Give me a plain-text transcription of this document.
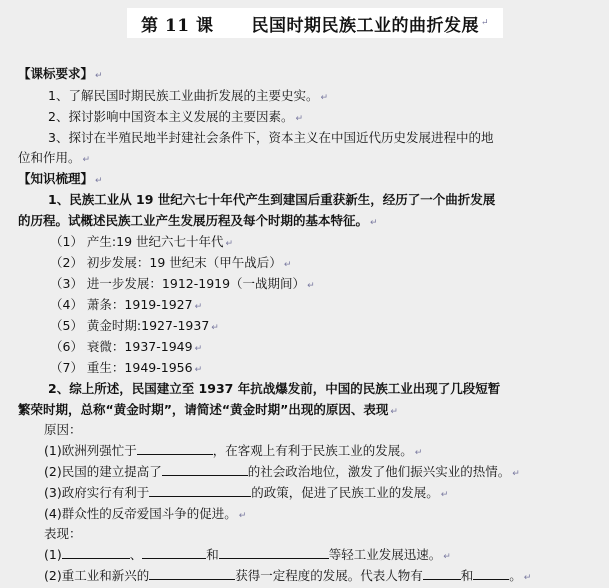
第 11 课 民国时期民族工业的曲折发展 ↵
【课标要求】 ↵
1、了解民国时期民族工业曲折发展的主要史实。 ↵
2、探讨影响中国资本主义发展的主要因素。 ↵
3、探讨在半殖民地半封建社会条件下，资本主义在中国近代历史发展进程中的地
位和作用。 ↵
【知识梳理】 ↵
1、民族工业从 19 世纪六七十年代产生到建国后重获新生，经历了一个曲折发展
的历程。试概述民族工业产生发展历程及每个时期的基本特征。 ↵
（1） 产生:19 世纪六七十年代 ↵
（2） 初步发展：19 世纪末（甲午战后） ↵
（3） 进一步发展：1912-1919（一战期间） ↵
（4） 萧条：1919-1927 ↵
（5） 黄金时期:1927-1937 ↵
（6） 衰微：1937-1949 ↵
（7） 重生：1949-1956 ↵
2、综上所述，民国建立至 1937 年抗战爆发前，中国的民族工业出现了几段短暂
繁荣时期，总称“黄金时期”，请简述“黄金时期”出现的原因、表现 ↵
原因：
(1)欧洲列强忙于	，在客观上有利于民族工业的发展。 ↵
(2)民国的建立提高了	的社会政治地位，激发了他们振兴实业的热情。 ↵
(3)政府实行有利于	的政策，促进了民族工业的发展。 ↵
(4)群众性的反帝爱国斗争的促进。 ↵
表现：
(1)	、	和	等轻工业发展迅速。 ↵
(2)重工业和新兴的	获得一定程度的发展。代表人物有	和	。 ↵
